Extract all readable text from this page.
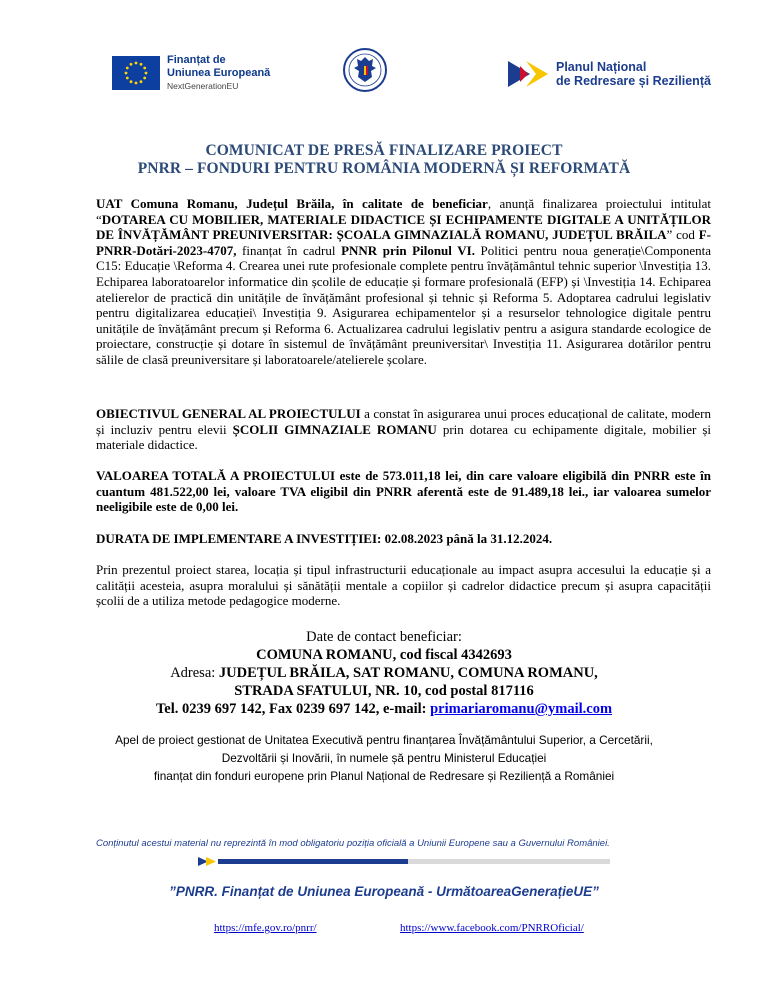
Finanțat de
Uniunea Europeană
NextGenerationEU
Planul Național
de Redresare și Reziliență
COMUNICAT DE PRESĂ FINALIZARE PROIECT
PNRR – FONDURI PENTRU ROMÂNIA MODERNĂ ȘI REFORMATĂ
UAT Comuna Romanu, Județul Brăila, în calitate de beneficiar, anunță finalizarea proiectului intitulat “DOTAREA CU MOBILIER, MATERIALE DIDACTICE ȘI ECHIPAMENTE DIGITALE A UNITĂȚILOR DE ÎNVĂȚĂMÂNT PREUNIVERSITAR: ȘCOALA GIMNAZIALĂ ROMANU, JUDEȚUL BRĂILA” cod F-PNRR-Dotări-2023-4707, finanțat în cadrul PNNR prin Pilonul VI. Politici pentru noua generație\Componenta C15: Educație \Reforma 4. Crearea unei rute profesionale complete pentru învățământul tehnic superior \Investiția 13. Echiparea laboratoarelor informatice din școlile de educație și formare profesională (EFP) și \Investiția 14. Echiparea atelierelor de practică din unitățile de învățământ profesional și tehnic și Reforma 5. Adoptarea cadrului legislativ pentru digitalizarea educației\ Investiția 9. Asigurarea echipamentelor și a resurselor tehnologice digitale pentru unitățile de învățământ precum și Reforma 6. Actualizarea cadrului legislativ pentru a asigura standarde ecologice de proiectare, construcție și dotare în sistemul de învățământ preuniversitar\ Investiția 11. Asigurarea dotărilor pentru sălile de clasă preuniversitare și laboratoarele/atelierele școlare.
OBIECTIVUL GENERAL AL PROIECTULUI a constat în asigurarea unui proces educațional de calitate, modern și incluziv pentru elevii ȘCOLII GIMNAZIALE ROMANU prin dotarea cu echipamente digitale, mobilier și materiale didactice.
VALOAREA TOTALĂ A PROIECTULUI este de 573.011,18 lei, din care valoare eligibilă din PNRR este în cuantum 481.522,00 lei, valoare TVA eligibil din PNRR aferentă este de 91.489,18 lei., iar valoarea sumelor neeligibile este de 0,00 lei.
DURATA DE IMPLEMENTARE A INVESTIȚIEI: 02.08.2023 până la 31.12.2024.
Prin prezentul proiect starea, locația și tipul infrastructurii educaționale au impact asupra accesului la educație și a calității acesteia, asupra moralului și sănătății mentale a copiilor și cadrelor didactice precum și asupra capacității școlii de a utiliza metode pedagogice moderne.
Date de contact beneficiar:
COMUNA ROMANU, cod fiscal 4342693
Adresa: JUDEȚUL BRĂILA, SAT ROMANU, COMUNA ROMANU,
STRADA SFATULUI, NR. 10, cod postal 817116
Tel. 0239 697 142, Fax 0239 697 142, e-mail: primariaromanu@ymail.com
Apel de proiect gestionat de Unitatea Executivă pentru finanțarea Învățământului Superior, a Cercetării,
Dezvoltării și Inovării, în numele șă pentru Ministerul Educației
finanțat din fonduri europene prin Planul Național de Redresare și Reziliență a României
Conținutul acestui material nu reprezintă în mod obligatoriu poziția oficială a Uniunii Europene sau a Guvernului României.
”PNRR. Finanțat de Uniunea Europeană - UrmătoareaGenerațieUE”
https://mfe.gov.ro/pnrr/	https://www.facebook.com/PNRROficial/
